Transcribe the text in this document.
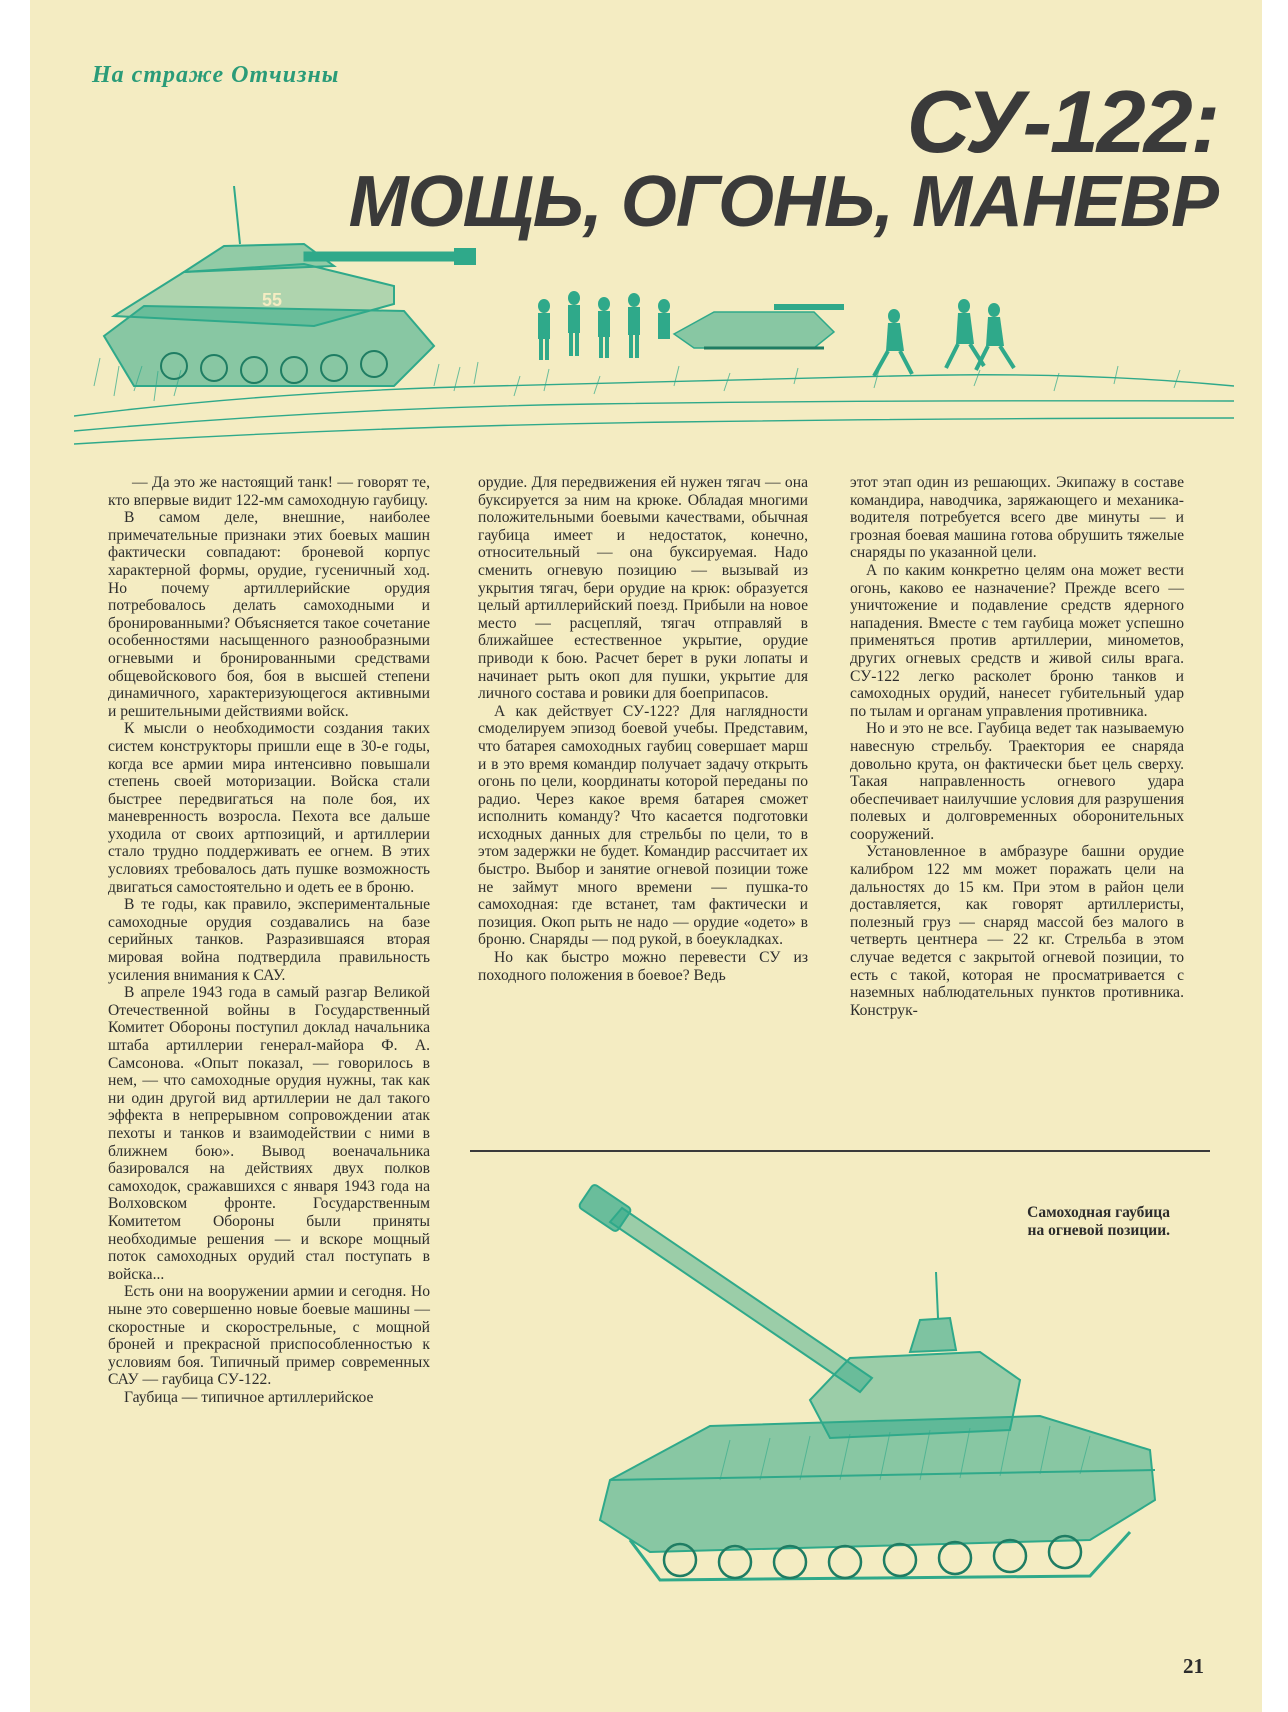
На страже Отчизны	СУ-122:
МОЩЬ, ОГОНЬ, МАНЕВР
55

— Да это же настоящий танк! — говорят те, кто впервые видит 122-мм самоходную гаубицу.

В самом деле, внешние, наиболее примечательные признаки этих боевых машин фактически совпадают: броневой корпус характерной формы, орудие, гусеничный ход. Но почему артиллерийские орудия потребовалось делать самоходными и бронированными? Объясняется такое сочетание особенностями насыщенного разнообразными огневыми и бронированными средствами общевойскового боя, боя в высшей степени динамичного, характеризующегося активными и решительными действиями войск.

К мысли о необходимости создания таких систем конструкторы пришли еще в 30-е годы, когда все армии мира интенсивно повышали степень своей моторизации. Войска стали быстрее передвигаться на поле боя, их маневренность возросла. Пехота все дальше уходила от своих артпозиций, и артиллерии стало трудно поддерживать ее огнем. В этих условиях требовалось дать пушке возможность двигаться самостоятельно и одеть ее в броню.

В те годы, как правило, экспериментальные самоходные орудия создавались на базе серийных танков. Разразившаяся вторая мировая война подтвердила правильность усиления внимания к САУ.

В апреле 1943 года в самый разгар Великой Отечественной войны в Государственный Комитет Обороны поступил доклад начальника штаба артиллерии генерал-майора Ф. А. Самсонова. «Опыт показал, — говорилось в нем, — что самоходные орудия нужны, так как ни один другой вид артиллерии не дал такого эффекта в непрерывном сопровождении атак пехоты и танков и взаимодействии с ними в ближнем бою». Вывод военачальника базировался на действиях двух полков самоходок, сражавшихся с января 1943 года на Волховском фронте. Государственным Комитетом Обороны были приняты необходимые решения — и вскоре мощный поток самоходных орудий стал поступать в войска...

Есть они на вооружении армии и сегодня. Но ныне это совершенно новые боевые машины — скоростные и скорострельные, с мощной броней и прекрасной приспособленностью к условиям боя. Типичный пример современных САУ — гаубица СУ-122.

Гаубица — типичное артиллерийское

орудие. Для передвижения ей нужен тягач — она буксируется за ним на крюке. Обладая многими положительными боевыми качествами, обычная гаубица имеет и недостаток, конечно, относительный — она буксируемая. Надо сменить огневую позицию — вызывай из укрытия тягач, бери орудие на крюк: образуется целый артиллерийский поезд. Прибыли на новое место — расцепляй, тягач отправляй в ближайшее естественное укрытие, орудие приводи к бою. Расчет берет в руки лопаты и начинает рыть окоп для пушки, укрытие для личного состава и ровики для боеприпасов.

А как действует СУ-122? Для наглядности смоделируем эпизод боевой учебы. Представим, что батарея самоходных гаубиц совершает марш и в это время командир получает задачу открыть огонь по цели, координаты которой переданы по радио. Через какое время батарея сможет исполнить команду? Что касается подготовки исходных данных для стрельбы по цели, то в этом задержки не будет. Командир рассчитает их быстро. Выбор и занятие огневой позиции тоже не займут много времени — пушка-то самоходная: где встанет, там фактически и позиция. Окоп рыть не надо — орудие «одето» в броню. Снаряды — под рукой, в боеукладках.

Но как быстро можно перевести СУ из походного положения в боевое? Ведь

этот этап один из решающих. Экипажу в составе командира, наводчика, заряжающего и механика-водителя потребуется всего две минуты — и грозная боевая машина готова обрушить тяжелые снаряды по указанной цели.

А по каким конкретно целям она может вести огонь, каково ее назначение? Прежде всего — уничтожение и подавление средств ядерного нападения. Вместе с тем гаубица может успешно применяться против артиллерии, минометов, других огневых средств и живой силы врага. СУ-122 легко расколет броню танков и самоходных орудий, нанесет губительный удар по тылам и органам управления противника.

Но и это не все. Гаубица ведет так называемую навесную стрельбу. Траектория ее снаряда довольно крута, он фактически бьет цель сверху. Такая направленность огневого удара обеспечивает наилучшие условия для разрушения полевых и долговременных оборонительных сооружений.

Установленное в амбразуре башни орудие калибром 122 мм может поражать цели на дальностях до 15 км. При этом в район цели доставляется, как говорят артиллеристы, полезный груз — снаряд массой без малого в четверть центнера — 22 кг. Стрельба в этом случае ведется с закрытой огневой позиции, то есть с такой, которая не просматривается с наземных наблюдательных пунктов противника. Конструк-

Самоходная гаубица
на огневой позиции.
21
